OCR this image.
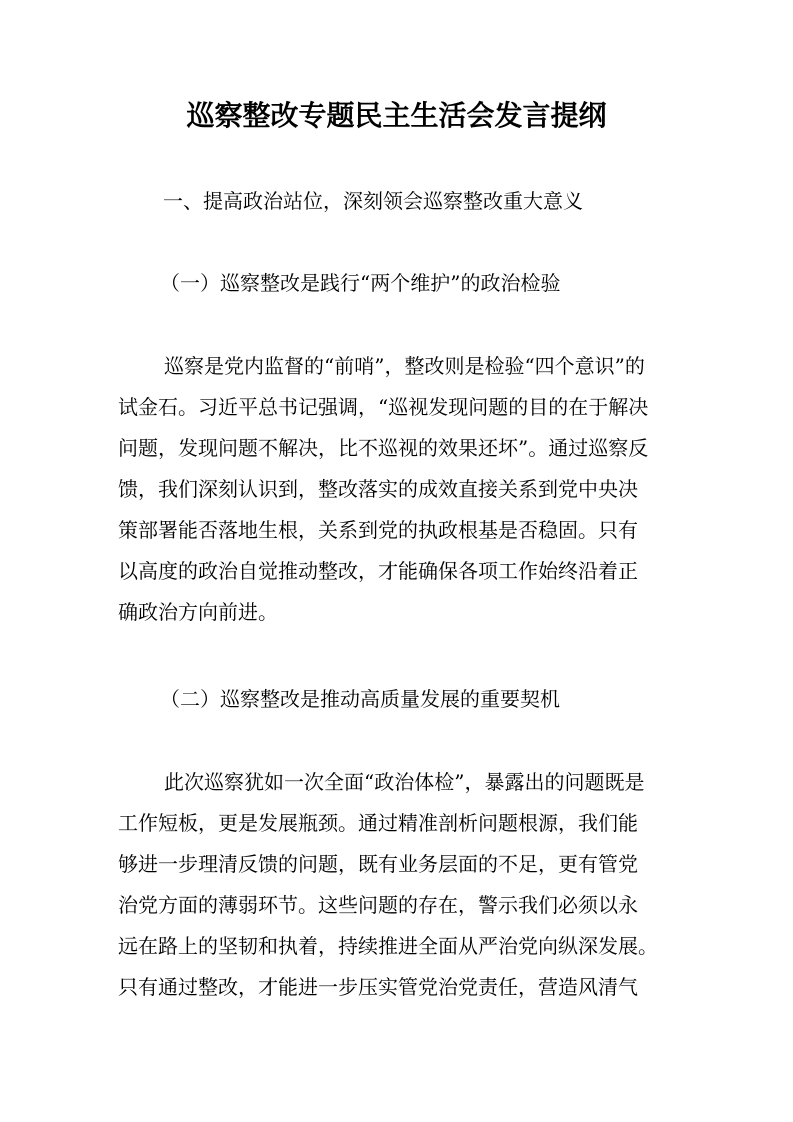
巡察整改专题民主生活会发言提纲
一、提高政治站位，深刻领会巡察整改重大意义
（一）巡察整改是践行“两个维护”的政治检验
巡察是党内监督的“前哨”，整改则是检验“四个意识”的
试金石。习近平总书记强调，“巡视发现问题的目的在于解决
问题，发现问题不解决，比不巡视的效果还坏”。通过巡察反
馈，我们深刻认识到，整改落实的成效直接关系到党中央决
策部署能否落地生根，关系到党的执政根基是否稳固。只有
以高度的政治自觉推动整改，才能确保各项工作始终沿着正
确政治方向前进。
（二）巡察整改是推动高质量发展的重要契机
此次巡察犹如一次全面“政治体检”，暴露出的问题既是
工作短板，更是发展瓶颈。通过精准剖析问题根源，我们能
够进一步理清反馈的问题，既有业务层面的不足，更有管党
治党方面的薄弱环节。这些问题的存在，警示我们必须以永
远在路上的坚韧和执着，持续推进全面从严治党向纵深发展。
只有通过整改，才能进一步压实管党治党责任，营造风清气
